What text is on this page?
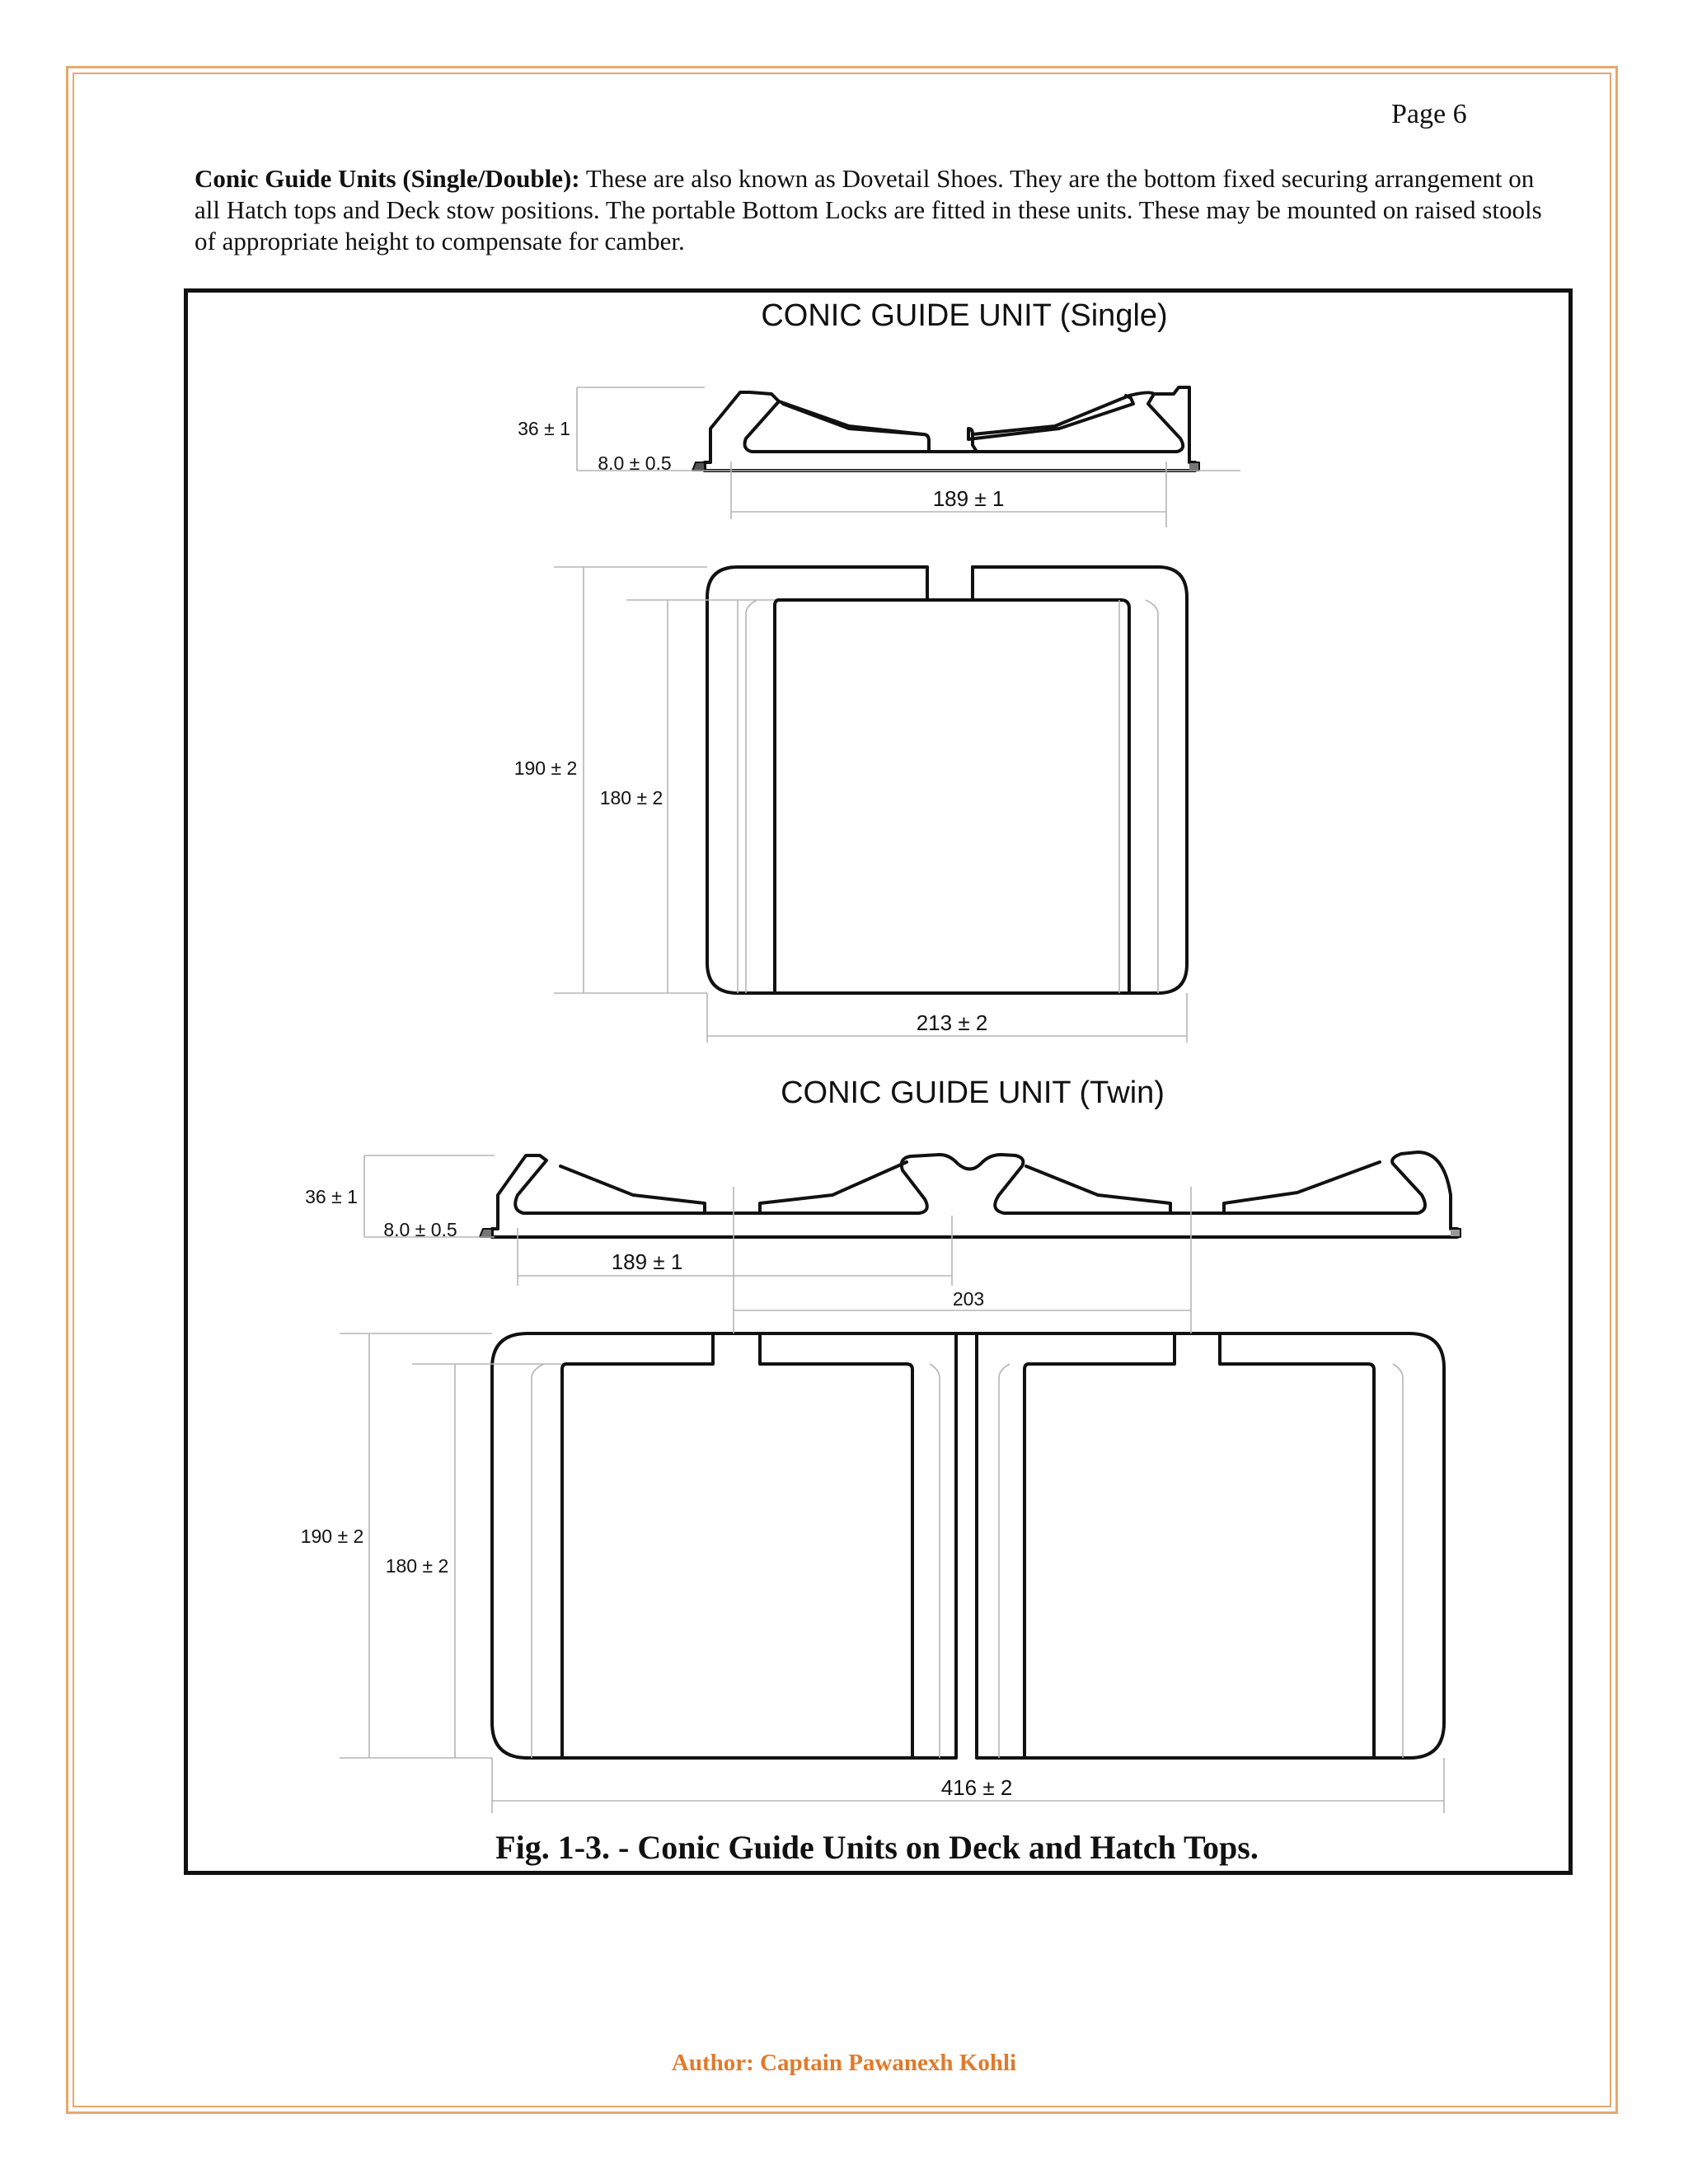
Page 6
Conic Guide Units (Single/Double): These are also known as Dovetail Shoes. They are the bottom fixed securing arrangement on all Hatch tops and Deck stow positions. The portable Bottom Locks are fitted in these units. These may be mounted on raised stools of appropriate height to compensate for camber.
CONIC GUIDE UNIT (Single)
36 ± 1
8.0 ± 0.5
189 ± 1
190 ± 2
180 ± 2
213 ± 2
CONIC GUIDE UNIT (Twin)
36 ± 1
8.0 ± 0.5
189 ± 1
203
190 ± 2
180 ± 2
416 ± 2
Fig. 1-3. - Conic Guide Units on Deck and Hatch Tops.
Author: Captain Pawanexh Kohli
